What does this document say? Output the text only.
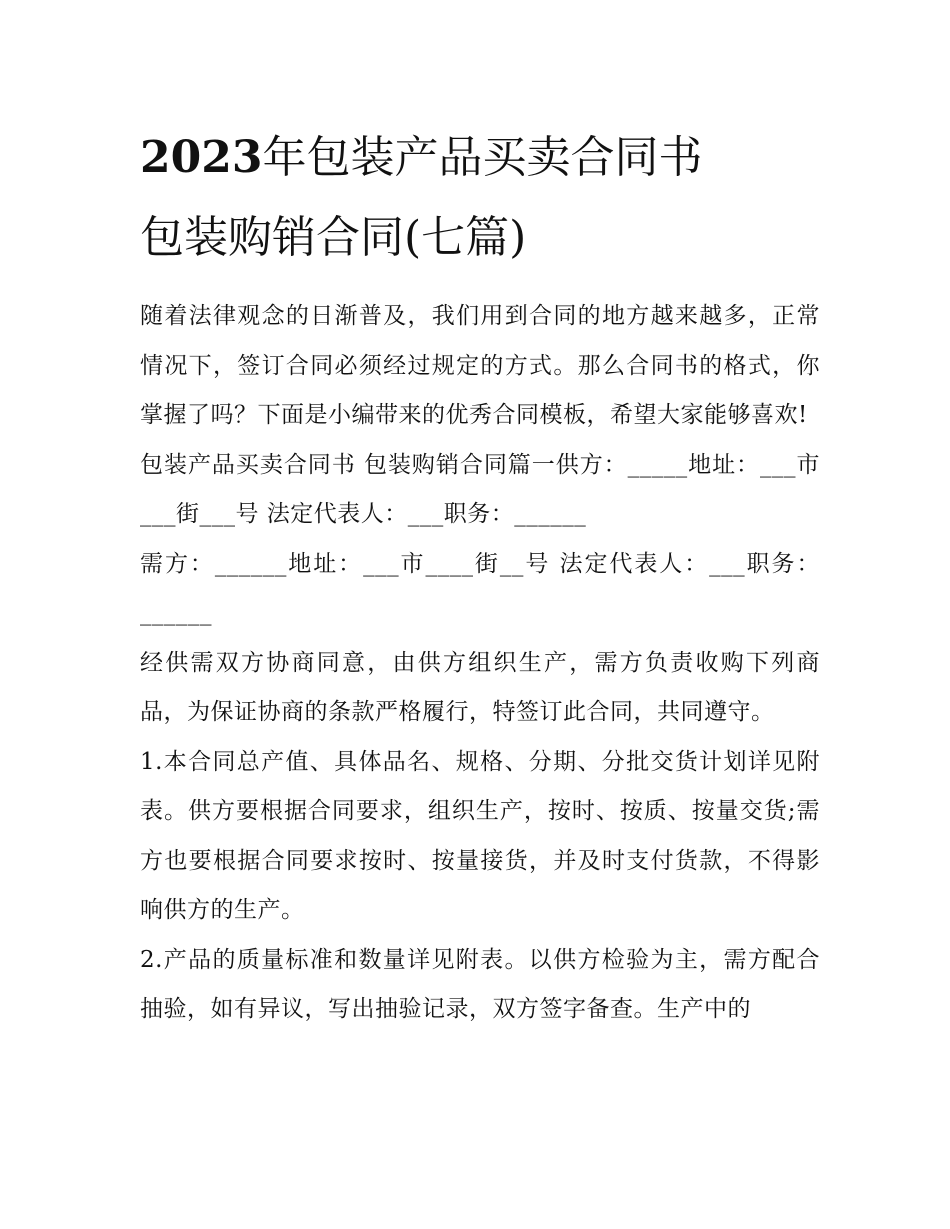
2023年包装产品买卖合同书
包装购销合同(七篇)

随着法律观念的日渐普及，我们用到合同的地方越来越多，正常情况下，签订合同必须经过规定的方式。那么合同书的格式，你掌握了吗？下面是小编带来的优秀合同模板，希望大家能够喜欢!

包装产品买卖合同书 包装购销合同篇一供方：_____地址：___市___街___号 法定代表人：___职务：______

需方：______地址：___市____街__号 法定代表人：___职务：______

经供需双方协商同意，由供方组织生产，需方负责收购下列商品，为保证协商的条款严格履行，特签订此合同，共同遵守。

1.本合同总产值、具体品名、规格、分期、分批交货计划详见附表。供方要根据合同要求，组织生产，按时、按质、按量交货;需方也要根据合同要求按时、按量接货，并及时支付货款，不得影响供方的生产。

2.产品的质量标准和数量详见附表。以供方检验为主，需方配合抽验，如有异议，写出抽验记录，双方签字备查。生产中的
